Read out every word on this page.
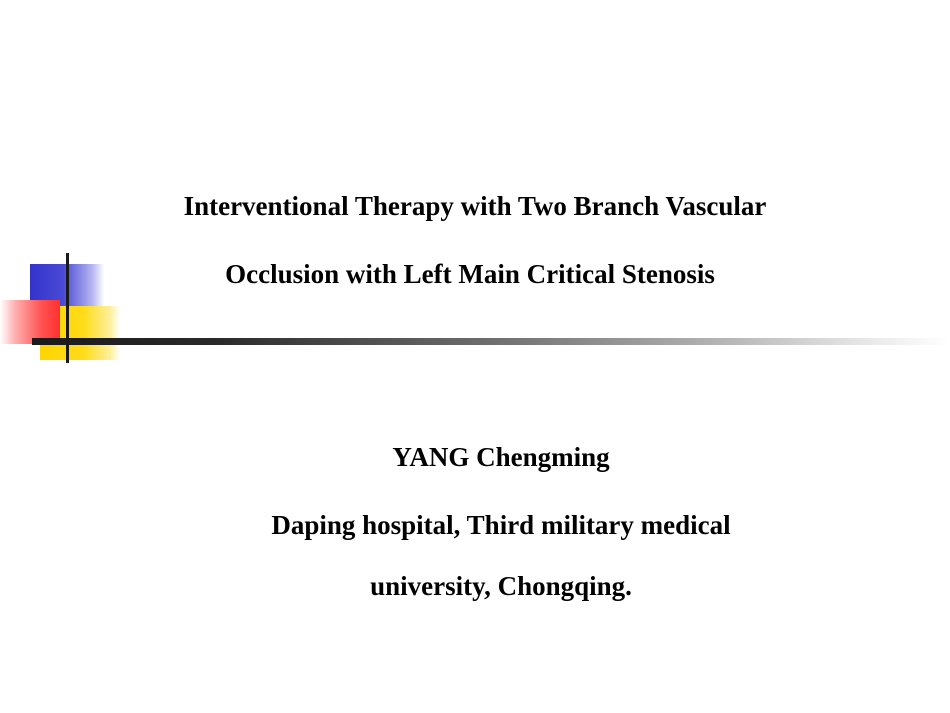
Interventional Therapy with Two Branch Vascular
Occlusion with Left Main Critical Stenosis
YANG Chengming
Daping hospital, Third military medical
university, Chongqing.
